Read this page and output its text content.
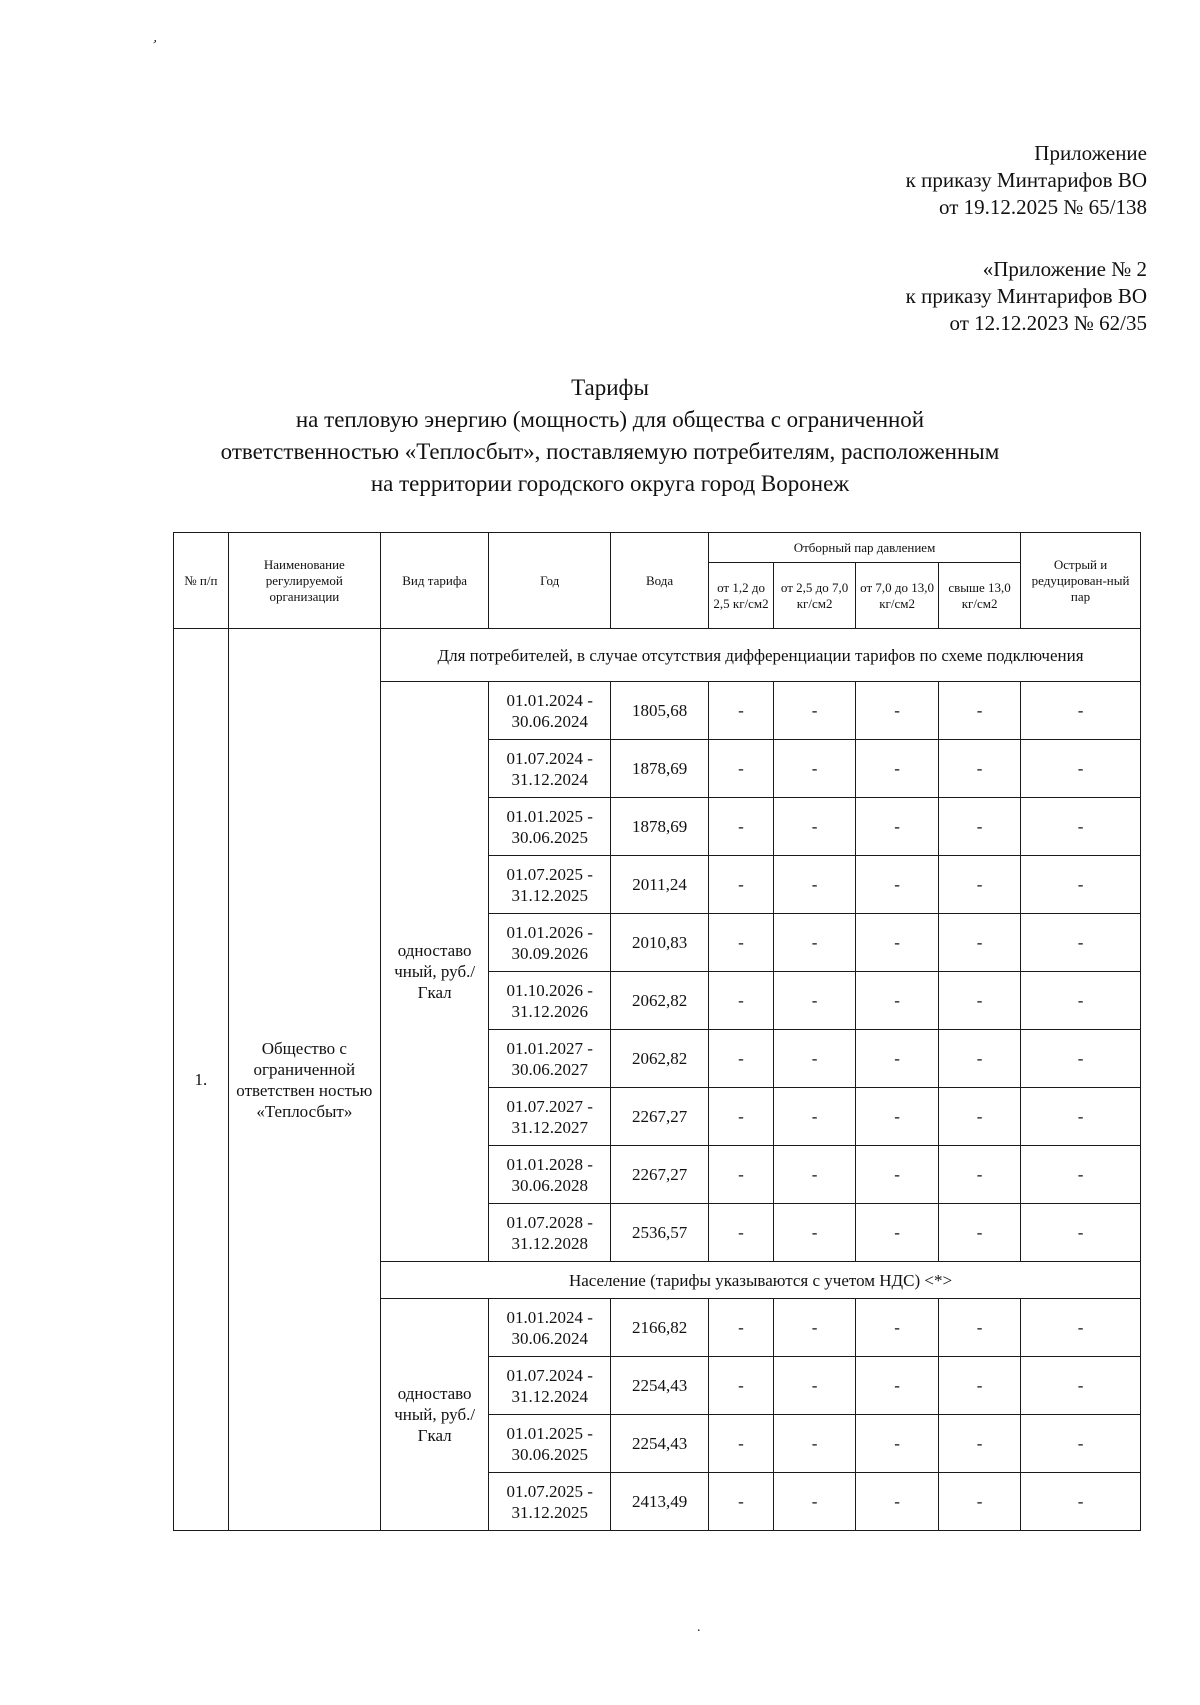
ʼ
Приложение
к приказу Минтарифов ВО
от 19.12.2025 № 65/138
«Приложение № 2
к приказу Минтарифов ВО
от 12.12.2023 № 62/35
Тарифы
на тепловую энергию (мощность) для общества с ограниченной
ответственностью «Теплосбыт», поставляемую потребителям, расположенным
на территории городского округа город Воронеж
№ п/п	Наименование регулируемой организации	Вид тарифа	Год	Вода	Отборный пар давлением				Острый и редуцирован-ный пар
					от 1,2 до 2,5 кг/см2	от 2,5 до 7,0 кг/см2	от 7,0 до 13,0 кг/см2	свыше 13,0 кг/см2	
1.	Общество с ограниченной ответствен ностью «Теплосбыт»	Для потребителей, в случае отсутствия дифференциации тарифов по схеме подключения							
		одноставо чный, руб./Гкал	01.01.2024 - 30.06.2024	1805,68	-	-	-	-	-
			01.07.2024 - 31.12.2024	1878,69	-	-	-	-	-
			01.01.2025 - 30.06.2025	1878,69	-	-	-	-	-
			01.07.2025 - 31.12.2025	2011,24	-	-	-	-	-
			01.01.2026 - 30.09.2026	2010,83	-	-	-	-	-
			01.10.2026 - 31.12.2026	2062,82	-	-	-	-	-
			01.01.2027 - 30.06.2027	2062,82	-	-	-	-	-
			01.07.2027 - 31.12.2027	2267,27	-	-	-	-	-
			01.01.2028 - 30.06.2028	2267,27	-	-	-	-	-
			01.07.2028 - 31.12.2028	2536,57	-	-	-	-	-
		Население (тарифы указываются с учетом НДС) <*>							
		одноставо чный, руб./Гкал	01.01.2024 - 30.06.2024	2166,82	-	-	-	-	-
			01.07.2024 - 31.12.2024	2254,43	-	-	-	-	-
			01.01.2025 - 30.06.2025	2254,43	-	-	-	-	-
			01.07.2025 - 31.12.2025	2413,49	-	-	-	-	-
.
